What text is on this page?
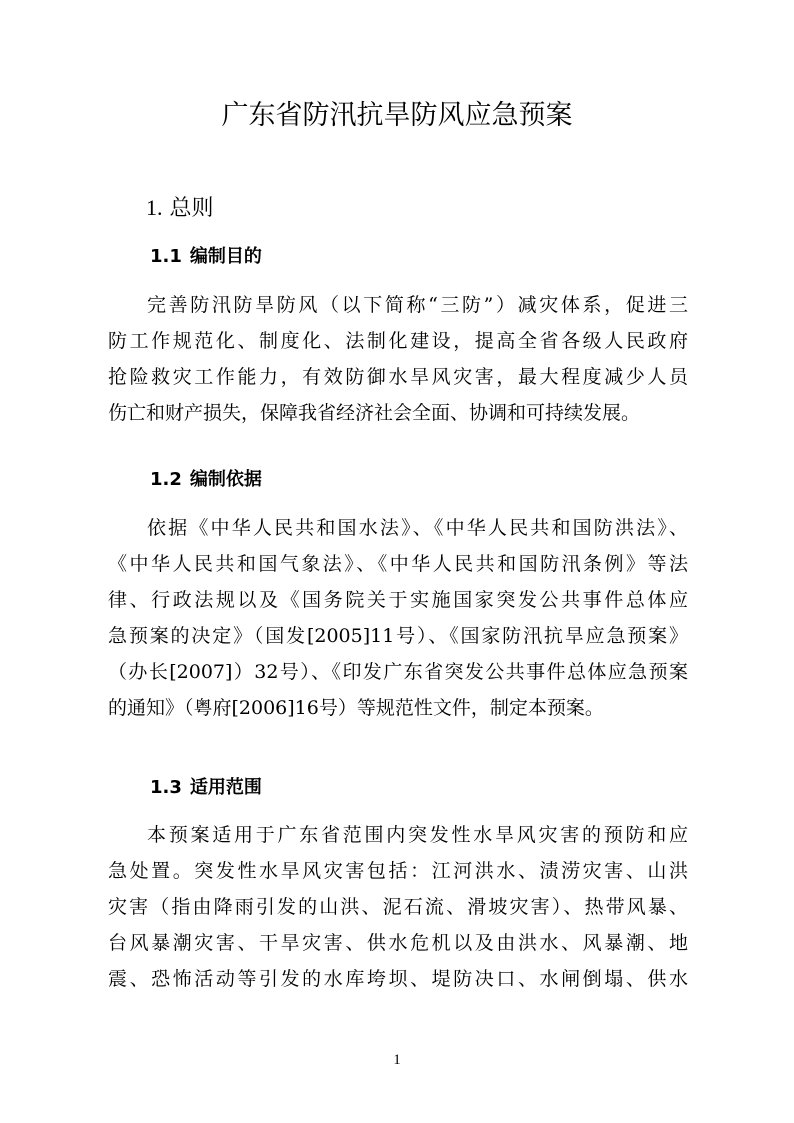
广东省防汛抗旱防风应急预案
1. 总则
1.1 编制目的
完善防汛防旱防风（以下简称“三防”）减灾体系，促进三
防工作规范化、制度化、法制化建设，提高全省各级人民政府
抢险救灾工作能力，有效防御水旱风灾害，最大程度减少人员
伤亡和财产损失，保障我省经济社会全面、协调和可持续发展。
1.2 编制依据
依据《中华人民共和国水法》、《中华人民共和国防洪法》、
《中华人民共和国气象法》、《中华人民共和国防汛条例》等法
律、行政法规以及《国务院关于实施国家突发公共事件总体应
急预案的决定》（国发[2005]11号）、《国家防汛抗旱应急预案》
（办长[2007]）32号）、《印发广东省突发公共事件总体应急预案
的通知》（粤府[2006]16号）等规范性文件，制定本预案。
1.3 适用范围
本预案适用于广东省范围内突发性水旱风灾害的预防和应
急处置。突发性水旱风灾害包括：江河洪水、渍涝灾害、山洪
灾害（指由降雨引发的山洪、泥石流、滑坡灾害）、热带风暴、
台风暴潮灾害、干旱灾害、供水危机以及由洪水、风暴潮、地
震、恐怖活动等引发的水库垮坝、堤防决口、水闸倒塌、供水
1
